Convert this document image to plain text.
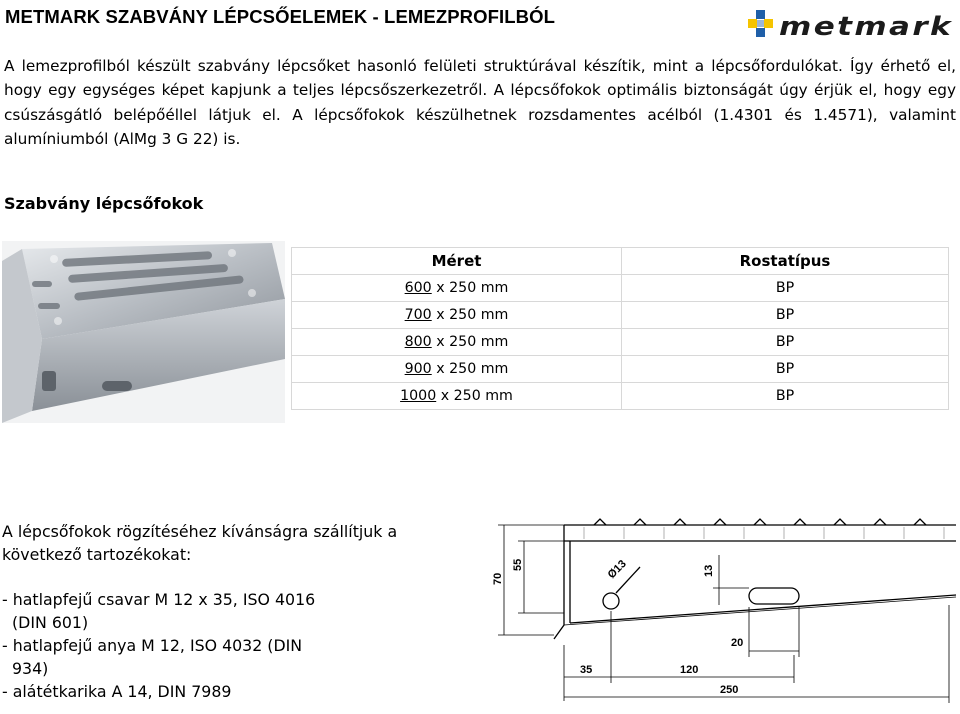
METMARK SZABVÁNY LÉPCSŐELEMEK - LEMEZPROFILBÓL	metmark
A lemezprofilból készült szabvány lépcsőket hasonló felületi struktúrával készítik, mint a lépcsőfordulókat. Így érhető el, hogy egy egységes képet kapjunk a teljes lépcsőszerkezetről. A lépcsőfokok optimális biztonságát úgy érjük el, hogy egy csúszásgátló belépőéllel látjuk el. A lépcsőfokok készülhetnek rozsdamentes acélból (1.4301 és 1.4571), valamint alumíniumból (AlMg 3 G 22) is.
Szabvány lépcsőfokok
Méret	Rostatípus
600 x 250 mm	BP
700 x 250 mm	BP
800 x 250 mm	BP
900 x 250 mm	BP
1000 x 250 mm	BP

A lépcsőfokok rögzítéséhez kívánságra szállítjuk a következő tartozékokat:

- hatlapfejű csavar M 12 x 35, ISO 4016

(DIN 601)

- hatlapfejű anya M 12, ISO 4032 (DIN

934)

- alátétkarika A 14, DIN 7989

70
55	13
Ø13
20
35	120
250
